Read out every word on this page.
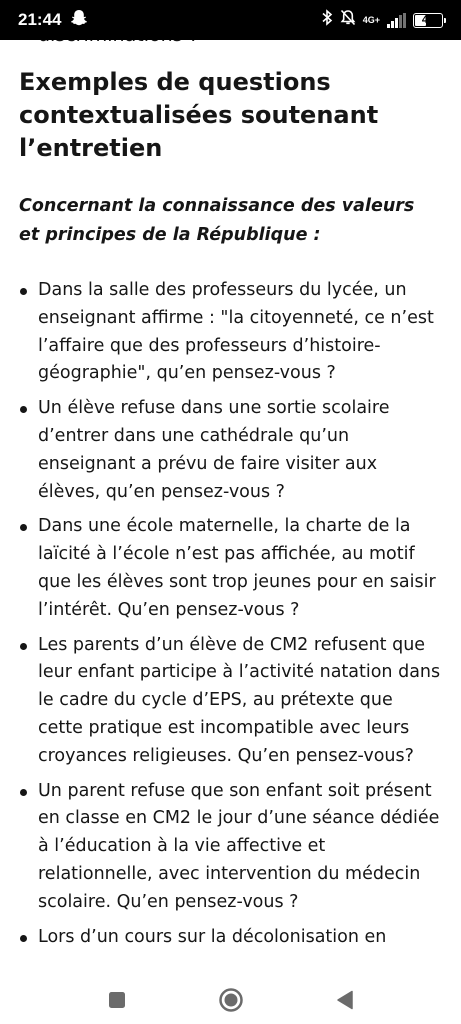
Exemples de questions contextualisées soutenant l’entretien

Concernant la connaissance des valeurs et principes de la République :

Dans la salle des professeurs du lycée, un enseignant affirme : "la citoyenneté, ce n’est l’affaire que des professeurs d’histoire-géographie", qu’en pensez-vous ?
Un élève refuse dans une sortie scolaire d’entrer dans une cathédrale qu’un enseignant a prévu de faire visiter aux élèves, qu’en pensez-vous ?
Dans une école maternelle, la charte de la laïcité à l’école n’est pas affichée, au motif que les élèves sont trop jeunes pour en saisir l’intérêt. Qu’en pensez-vous ?
Les parents d’un élève de CM2 refusent que leur enfant participe à l’activité natation dans le cadre du cycle d’EPS, au prétexte que cette pratique est incompatible avec leurs croyances religieuses. Qu’en pensez-vous?
Un parent refuse que son enfant soit présent en classe en CM2 le jour d’une séance dédiée à l’éducation à la vie affective et relationnelle, avec intervention du médecin scolaire. Qu’en pensez-vous ?
Lors d’un cours sur la décolonisation en
21:44	4G+	45
